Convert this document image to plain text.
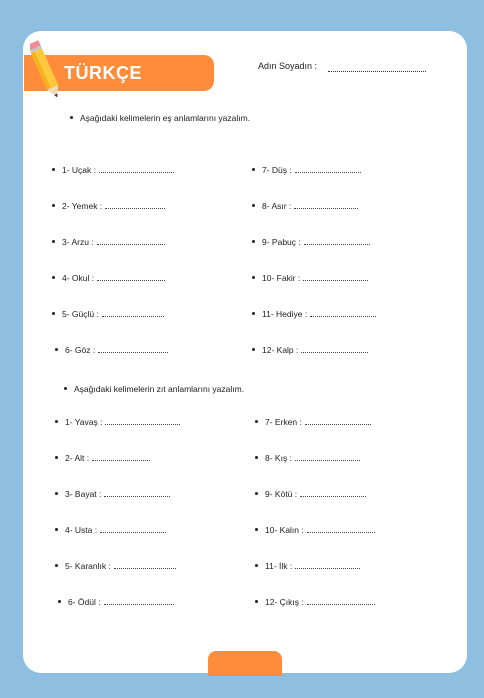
TÜRKÇE	Adın Soyadın :
Aşağıdaki kelimelerin eş anlamlarını yazalım.
1- Uçak :
2- Yemek :
3- Arzu :
4- Okul :
5- Güçlü :
6- Göz :
7- Düş :
8- Asır :
9- Pabuç :
10- Fakir :
11- Hediye :
12- Kalp :
Aşağıdaki kelimelerin zıt anlamlarını yazalım.
1- Yavaş :
2- Alt :
3- Bayat :
4- Usta :
5- Karanlık :
6- Ödül :
7- Erken :
8- Kış :
9- Kötü :
10- Kalın :
11- İlk :
12- Çıkış :
